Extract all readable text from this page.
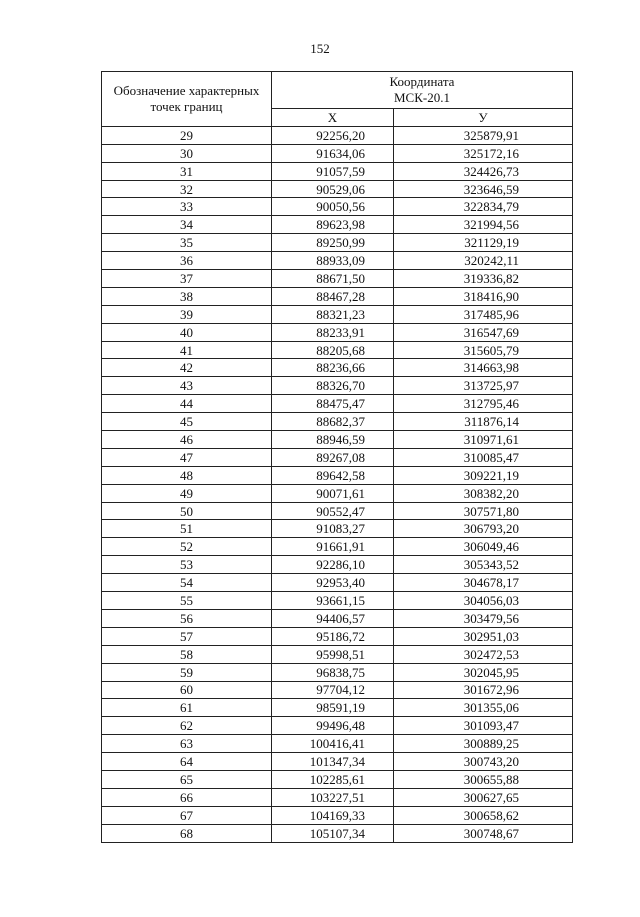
152
Обозначение характерных точек границ	Координата
МСК-20.1	
	Х	У
29	92256,20	325879,91
30	91634,06	325172,16
31	91057,59	324426,73
32	90529,06	323646,59
33	90050,56	322834,79
34	89623,98	321994,56
35	89250,99	321129,19
36	88933,09	320242,11
37	88671,50	319336,82
38	88467,28	318416,90
39	88321,23	317485,96
40	88233,91	316547,69
41	88205,68	315605,79
42	88236,66	314663,98
43	88326,70	313725,97
44	88475,47	312795,46
45	88682,37	311876,14
46	88946,59	310971,61
47	89267,08	310085,47
48	89642,58	309221,19
49	90071,61	308382,20
50	90552,47	307571,80
51	91083,27	306793,20
52	91661,91	306049,46
53	92286,10	305343,52
54	92953,40	304678,17
55	93661,15	304056,03
56	94406,57	303479,56
57	95186,72	302951,03
58	95998,51	302472,53
59	96838,75	302045,95
60	97704,12	301672,96
61	98591,19	301355,06
62	99496,48	301093,47
63	100416,41	300889,25
64	101347,34	300743,20
65	102285,61	300655,88
66	103227,51	300627,65
67	104169,33	300658,62
68	105107,34	300748,67
